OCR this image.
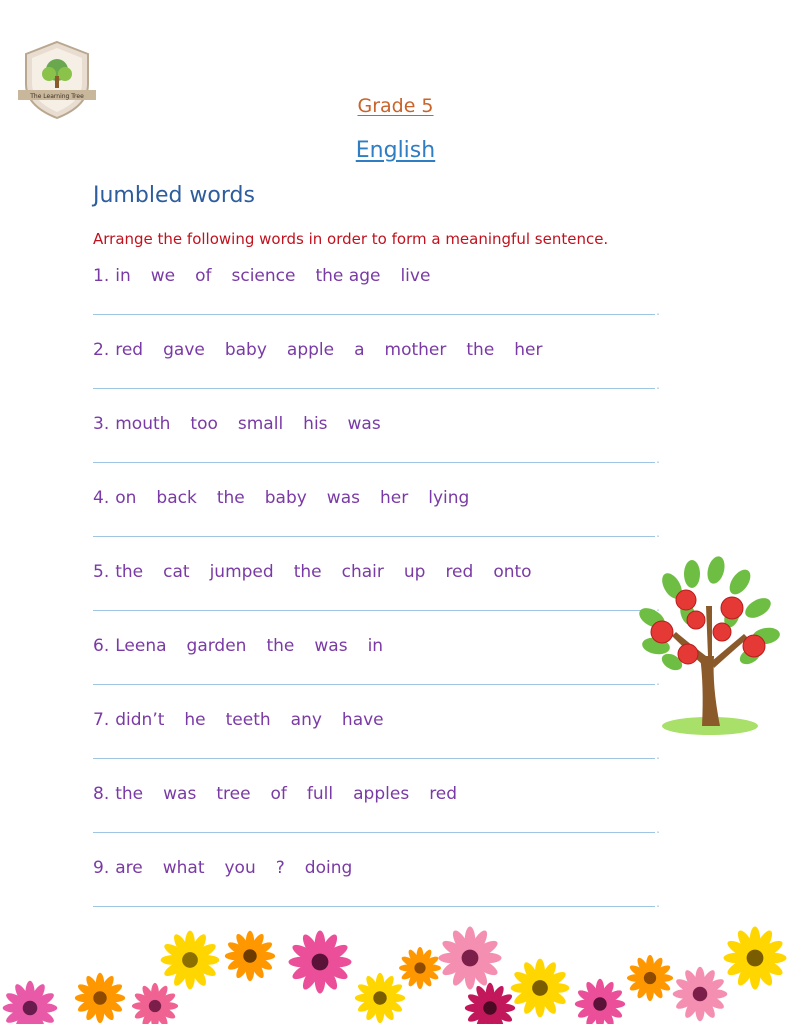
The Learning Tree	Grade 5
English
Jumbled words
Arrange the following words in order to form a meaningful sentence.
1. in we of science the age live
.
2. red gave baby apple a mother the her
.
3. mouth too small his was
.
4. on back the baby was her lying
.
5. the cat jumped the chair up red onto
.
6. Leena garden the was in
.
7. didn’t he teeth any have
.
8. the was tree of full apples red
.
9. are what you ? doing
.
